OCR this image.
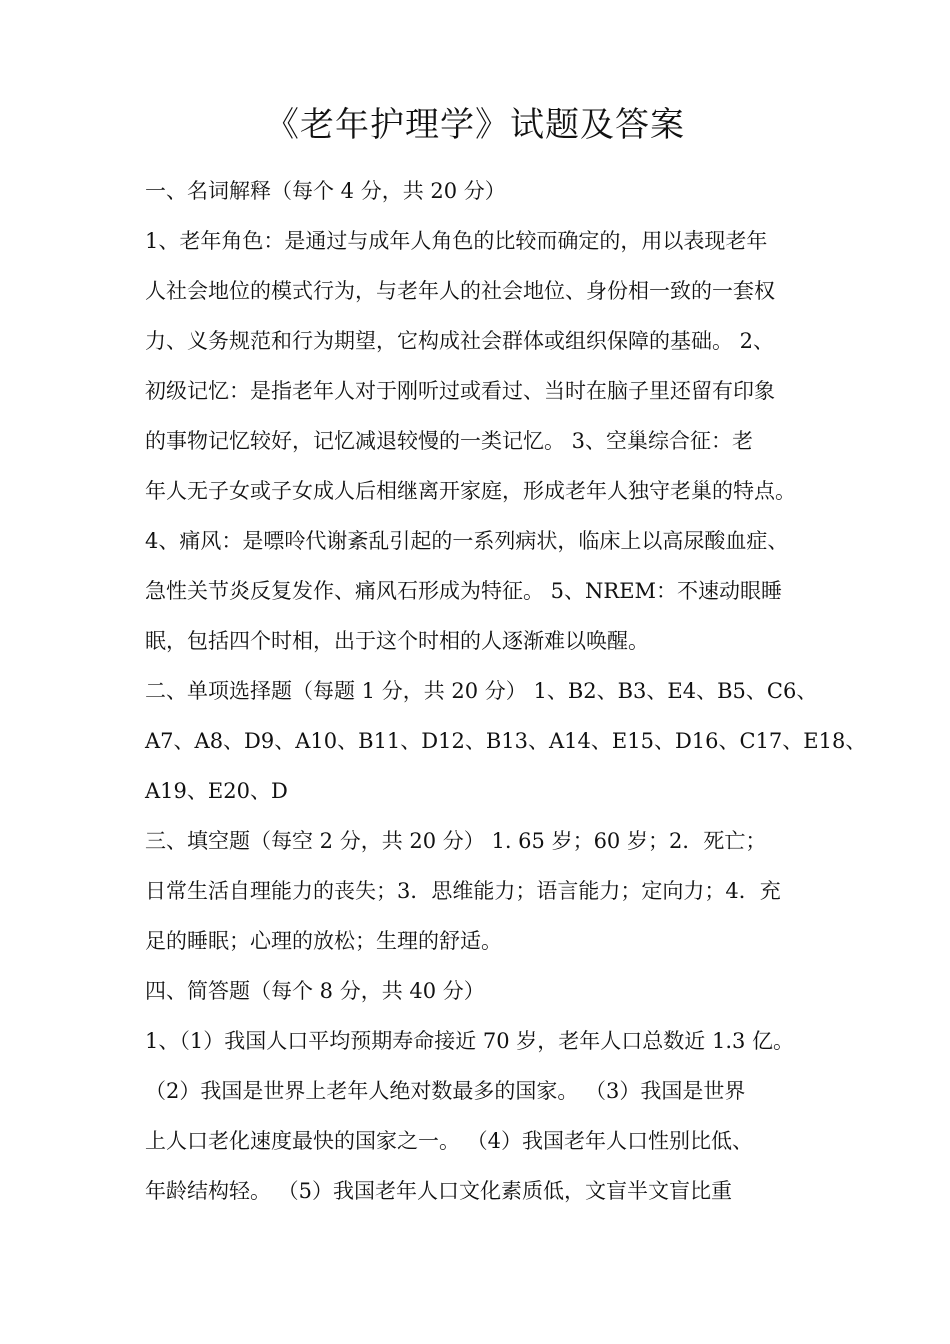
《老年护理学》试题及答案
一、名词解释（每个 4 分，共 20 分）
1、老年角色：是通过与成年人角色的比较而确定的，用以表现老年
人社会地位的模式行为，与老年人的社会地位、身份相一致的一套权
力、义务规范和行为期望，它构成社会群体或组织保障的基础。 2、
初级记忆：是指老年人对于刚听过或看过、当时在脑子里还留有印象
的事物记忆较好，记忆减退较慢的一类记忆。 3、空巢综合征：老
年人无子女或子女成人后相继离开家庭，形成老年人独守老巢的特点。
4、痛风：是嘌呤代谢紊乱引起的一系列病状，临床上以高尿酸血症、
急性关节炎反复发作、痛风石形成为特征。 5、NREM：不速动眼睡
眠，包括四个时相，出于这个时相的人逐渐难以唤醒。
二、单项选择题（每题 1 分，共 20 分） 1、B2、B3、E4、B5、C6、
A7、A8、D9、A10、B11、D12、B13、A14、E15、D16、C17、E18、
A19、E20、D
三、填空题（每空 2 分，共 20 分） 1. 65 岁；60 岁；2．死亡；
日常生活自理能力的丧失；3．思维能力；语言能力；定向力；4．充
足的睡眠；心理的放松；生理的舒适。
四、简答题（每个 8 分，共 40 分）
1、（1）我国人口平均预期寿命接近 70 岁，老年人口总数近 1.3 亿。
（2）我国是世界上老年人绝对数最多的国家。 （3）我国是世界
上人口老化速度最快的国家之一。 （4）我国老年人口性别比低、
年龄结构轻。 （5）我国老年人口文化素质低，文盲半文盲比重
